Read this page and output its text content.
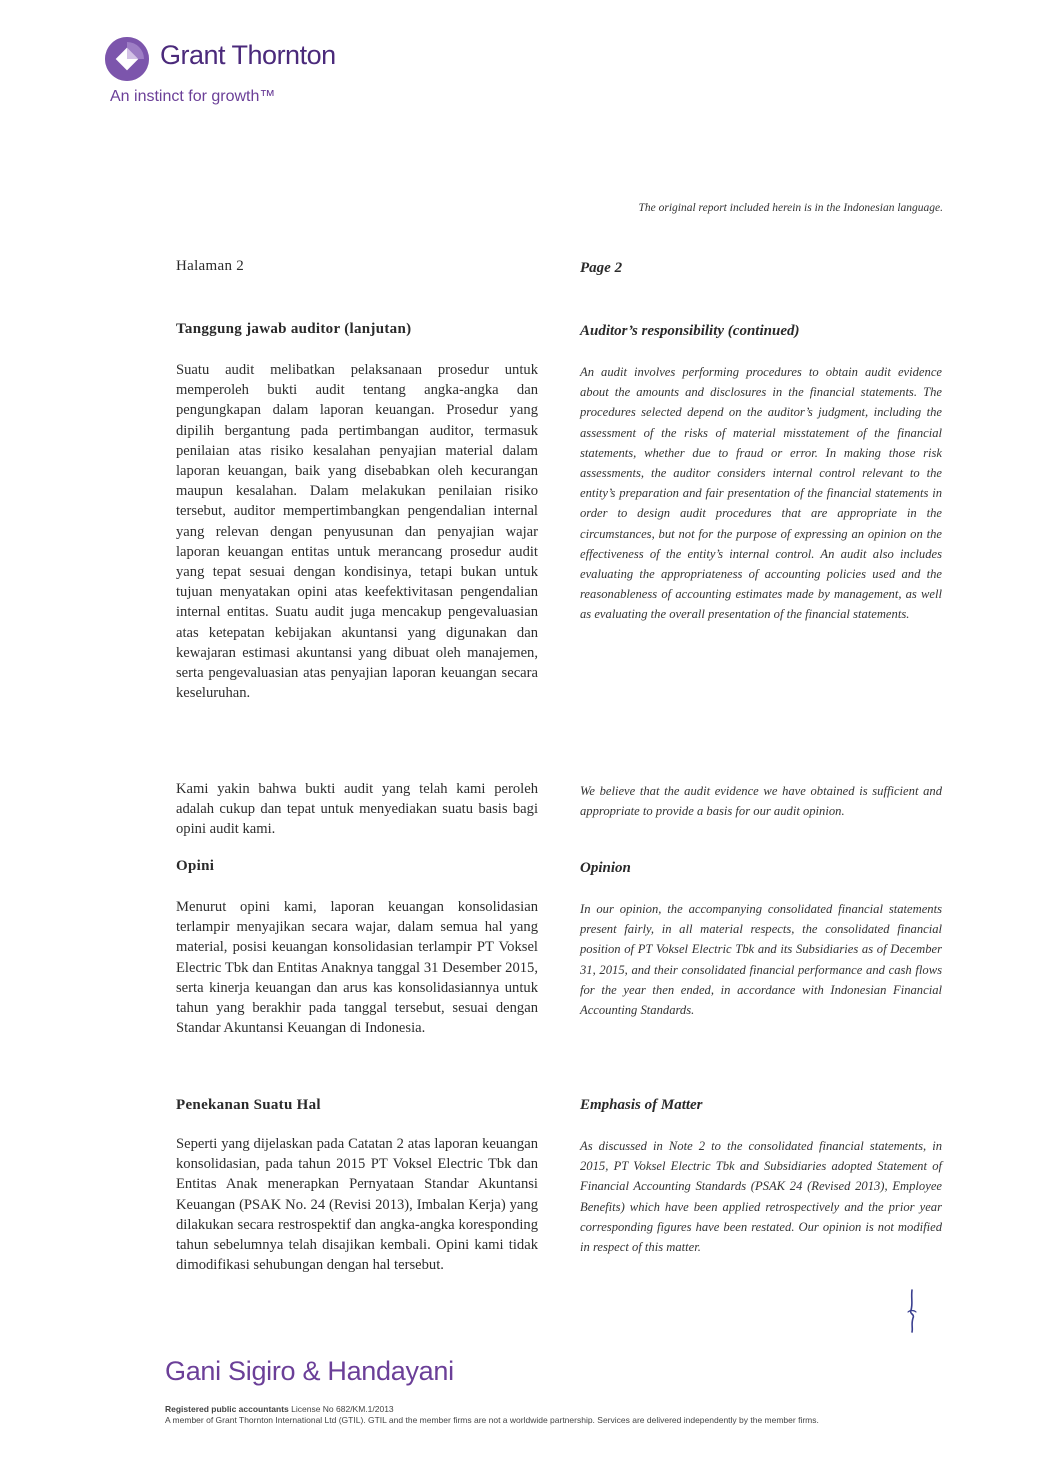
Grant Thornton
An instinct for growth™
The original report included herein is in the Indonesian language.
Halaman 2
Tanggung jawab auditor (lanjutan)
Suatu audit melibatkan pelaksanaan prosedur untuk memperoleh bukti audit tentang angka-angka dan pengungkapan dalam laporan keuangan. Prosedur yang dipilih bergantung pada pertimbangan auditor, termasuk penilaian atas risiko kesalahan penyajian material dalam laporan keuangan, baik yang disebabkan oleh kecurangan maupun kesalahan. Dalam melakukan penilaian risiko tersebut, auditor mempertimbangkan pengendalian internal yang relevan dengan penyusunan dan penyajian wajar laporan keuangan entitas untuk merancang prosedur audit yang tepat sesuai dengan kondisinya, tetapi bukan untuk tujuan menyatakan opini atas keefektivitasan pengendalian internal entitas. Suatu audit juga mencakup pengevaluasian atas ketepatan kebijakan akuntansi yang digunakan dan kewajaran estimasi akuntansi yang dibuat oleh manajemen, serta pengevaluasian atas penyajian laporan keuangan secara keseluruhan.
Kami yakin bahwa bukti audit yang telah kami peroleh adalah cukup dan tepat untuk menyediakan suatu basis bagi opini audit kami.
Opini
Menurut opini kami, laporan keuangan konsolidasian terlampir menyajikan secara wajar, dalam semua hal yang material, posisi keuangan konsolidasian terlampir PT Voksel Electric Tbk dan Entitas Anaknya tanggal 31 Desember 2015, serta kinerja keuangan dan arus kas konsolidasiannya untuk tahun yang berakhir pada tanggal tersebut, sesuai dengan Standar Akuntansi Keuangan di Indonesia.
Penekanan Suatu Hal
Seperti yang dijelaskan pada Catatan 2 atas laporan keuangan konsolidasian, pada tahun 2015 PT Voksel Electric Tbk dan Entitas Anak menerapkan Pernyataan Standar Akuntansi Keuangan (PSAK No. 24 (Revisi 2013), Imbalan Kerja) yang dilakukan secara restrospektif dan angka-angka koresponding tahun sebelumnya telah disajikan kembali. Opini kami tidak dimodifikasi sehubungan dengan hal tersebut.
Page 2
Auditor’s responsibility (continued)
An audit involves performing procedures to obtain audit evidence about the amounts and disclosures in the financial statements. The procedures selected depend on the auditor’s judgment, including the assessment of the risks of material misstatement of the financial statements, whether due to fraud or error. In making those risk assessments, the auditor considers internal control relevant to the entity’s preparation and fair presentation of the financial statements in order to design audit procedures that are appropriate in the circumstances, but not for the purpose of expressing an opinion on the effectiveness of the entity’s internal control. An audit also includes evaluating the appropriateness of accounting policies used and the reasonableness of accounting estimates made by management, as well as evaluating the overall presentation of the financial statements.
We believe that the audit evidence we have obtained is sufficient and appropriate to provide a basis for our audit opinion.
Opinion
In our opinion, the accompanying consolidated financial statements present fairly, in all material respects, the consolidated financial position of PT Voksel Electric Tbk and its Subsidiaries as of December 31, 2015, and their consolidated financial performance and cash flows for the year then ended, in accordance with Indonesian Financial Accounting Standards.
Emphasis of Matter
As discussed in Note 2 to the consolidated financial statements, in 2015, PT Voksel Electric Tbk and Subsidiaries adopted Statement of Financial Accounting Standards (PSAK 24 (Revised 2013), Employee Benefits) which have been applied retrospectively and the prior year corresponding figures have been restated. Our opinion is not modified in respect of this matter.
Gani Sigiro & Handayani
Registered public accountants License No 682/KM.1/2013
A member of Grant Thornton International Ltd (GTIL). GTIL and the member firms are not a worldwide partnership. Services are delivered independently by the member firms.
